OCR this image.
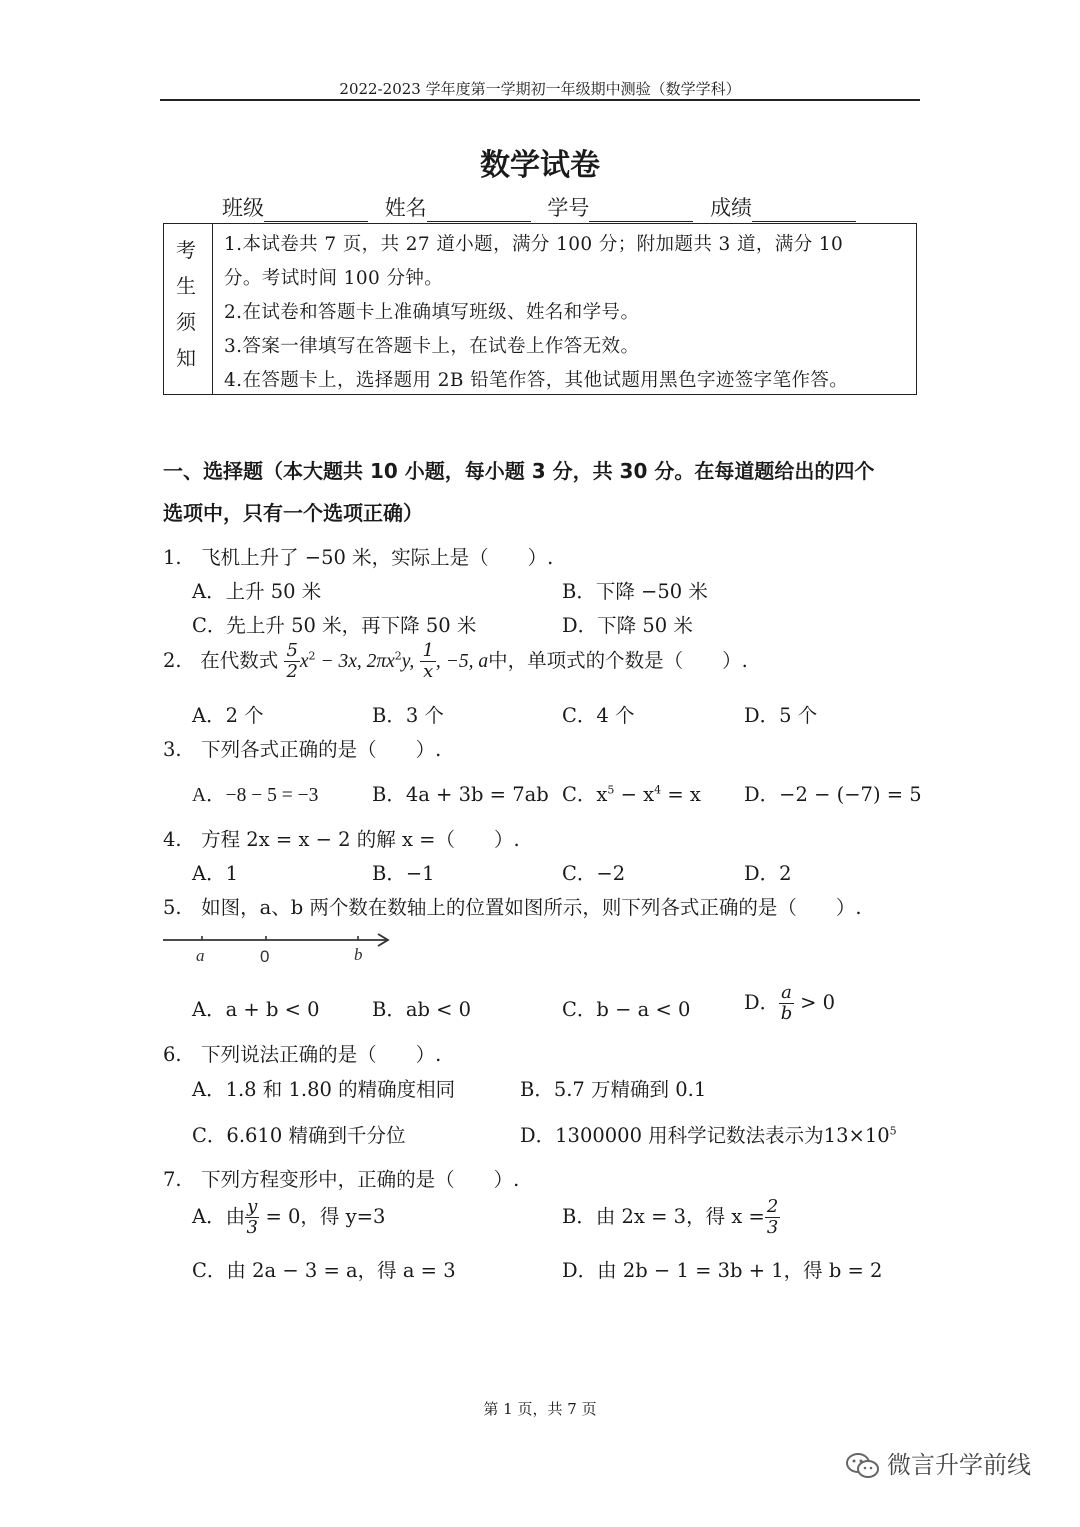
2022-2023 学年度第一学期初一年级期中测验（数学学科）
数学试卷
班级	姓名	学号	成绩
考
生
须
知
1.本试卷共 7 页，共 27 道小题，满分 100 分；附加题共 3 道，满分 10
分。考试时间 100 分钟。
2.在试卷和答题卡上准确填写班级、姓名和学号。
3.答案一律填写在答题卡上，在试卷上作答无效。
4.在答题卡上，选择题用 2B 铅笔作答，其他试题用黑色字迹签字笔作答。
一、选择题（本大题共 10 小题，每小题 3 分，共 30 分。在每道题给出的四个
选项中，只有一个选项正确）
1.　飞机上升了 −50 米，实际上是（　　）.
A．上升 50 米	B．下降 −50 米
C．先上升 50 米，再下降 50 米	D．下降 50 米
2. 在代数式 $\frac{5}{2} x^2 - 3x$, $2\pi x^2y$, $\frac{1}{x}$ , −5, a中，单项式的个数是（　　）.
A．2 个	B．3 个	C．4 个	D．5 个
3.　下列各式正确的是（　　）.
A．−8 − 5 = −3	B．4a + 3b = 7ab C．$x^5 - x^4 = x$ D．−2 − (−7) = 5
4.　方程 2x = x − 2 的解 x =（　　）.
A．1	B．−1	C．−2	D．2
5.　如图，a、b 两个数在数轴上的位置如图所示，则下列各式正确的是（　　）.
a	0	b
A．a + b < 0	B．ab < 0	C．b − a < 0	D． $\frac{a}{b} > 0$
6.　下列说法正确的是（　　）.
A．1.8 和 1.80 的精确度相同	B．5.7 万精确到 0.1
C．6.610 精确到千分位	D．1300000 用科学记数法表示为$13\times 10^5$
7.　下列方程变形中，正确的是（　　）.
A．由 $\frac{y}{3} = 0$，得 y=3	B．由 2x = 3，得 $x = \frac{2}{3}$
C．由 2a − 3 = a，得 a = 3	D．由 2b − 1 = 3b + 1，得 b = 2
第 1 页，共 7 页
微言升学前线
